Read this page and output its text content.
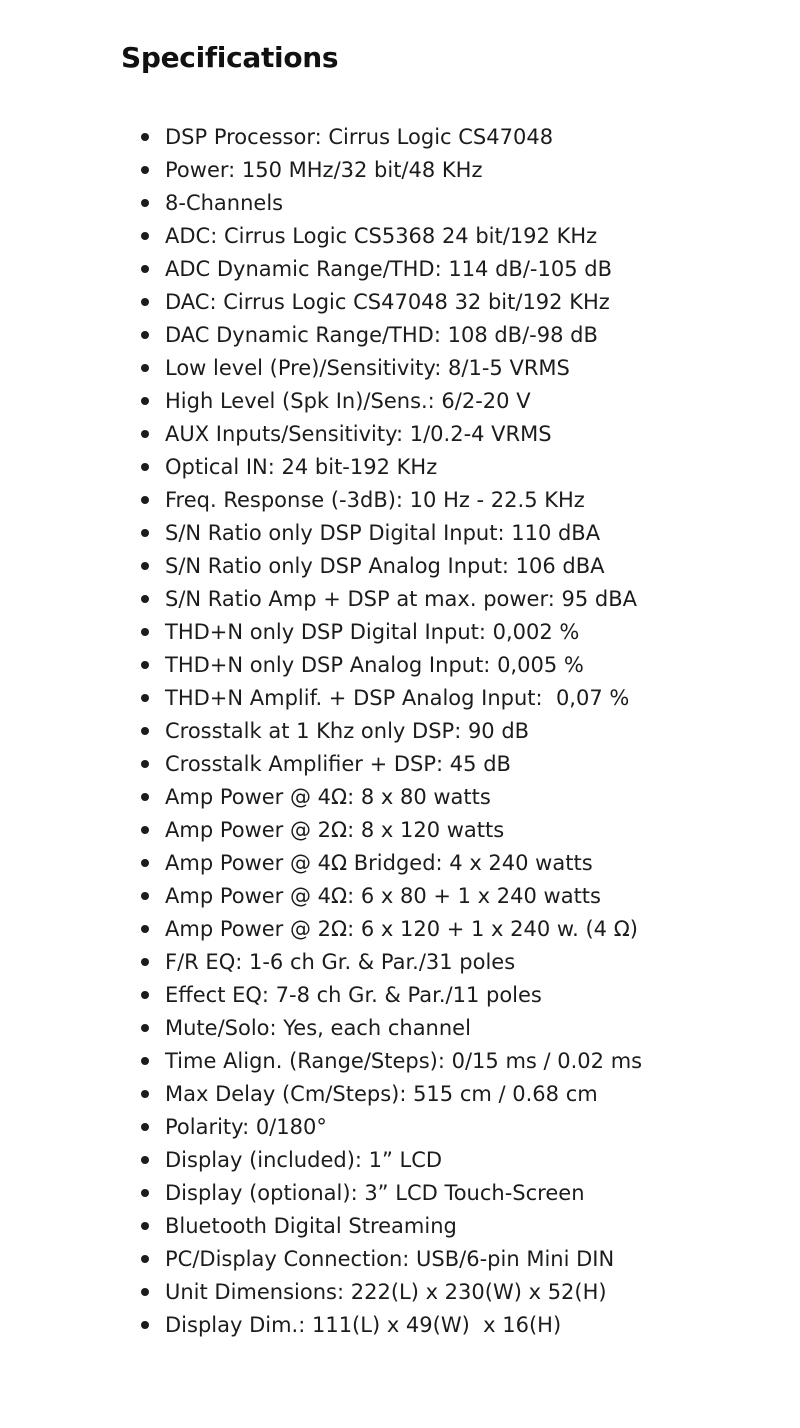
Specifications
DSP Processor: Cirrus Logic CS47048
Power: 150 MHz/32 bit/48 KHz
8-Channels
ADC: Cirrus Logic CS5368 24 bit/192 KHz
ADC Dynamic Range/THD: 114 dB/-105 dB
DAC: Cirrus Logic CS47048 32 bit/192 KHz
DAC Dynamic Range/THD: 108 dB/-98 dB
Low level (Pre)/Sensitivity: 8/1-5 VRMS
High Level (Spk In)/Sens.: 6/2-20 V
AUX Inputs/Sensitivity: 1/0.2-4 VRMS
Optical IN: 24 bit-192 KHz
Freq. Response (-3dB): 10 Hz - 22.5 KHz
S/N Ratio only DSP Digital Input: 110 dBA
S/N Ratio only DSP Analog Input: 106 dBA
S/N Ratio Amp + DSP at max. power: 95 dBA
THD+N only DSP Digital Input: 0,002 %
THD+N only DSP Analog Input: 0,005 %
THD+N Amplif. + DSP Analog Input:  0,07 %
Crosstalk at 1 Khz only DSP: 90 dB
Crosstalk Amplifier + DSP: 45 dB
Amp Power @ 4Ω: 8 x 80 watts
Amp Power @ 2Ω: 8 x 120 watts
Amp Power @ 4Ω Bridged: 4 x 240 watts
Amp Power @ 4Ω: 6 x 80 + 1 x 240 watts
Amp Power @ 2Ω: 6 x 120 + 1 x 240 w. (4 Ω)
F/R EQ: 1-6 ch Gr. & Par./31 poles
Effect EQ: 7-8 ch Gr. & Par./11 poles
Mute/Solo: Yes, each channel
Time Align. (Range/Steps): 0/15 ms / 0.02 ms
Max Delay (Cm/Steps): 515 cm / 0.68 cm
Polarity: 0/180°
Display (included): 1” LCD
Display (optional): 3” LCD Touch-Screen
Bluetooth Digital Streaming
PC/Display Connection: USB/6-pin Mini DIN
Unit Dimensions: 222(L) x 230(W) x 52(H)
Display Dim.: 111(L) x 49(W)  x 16(H)
